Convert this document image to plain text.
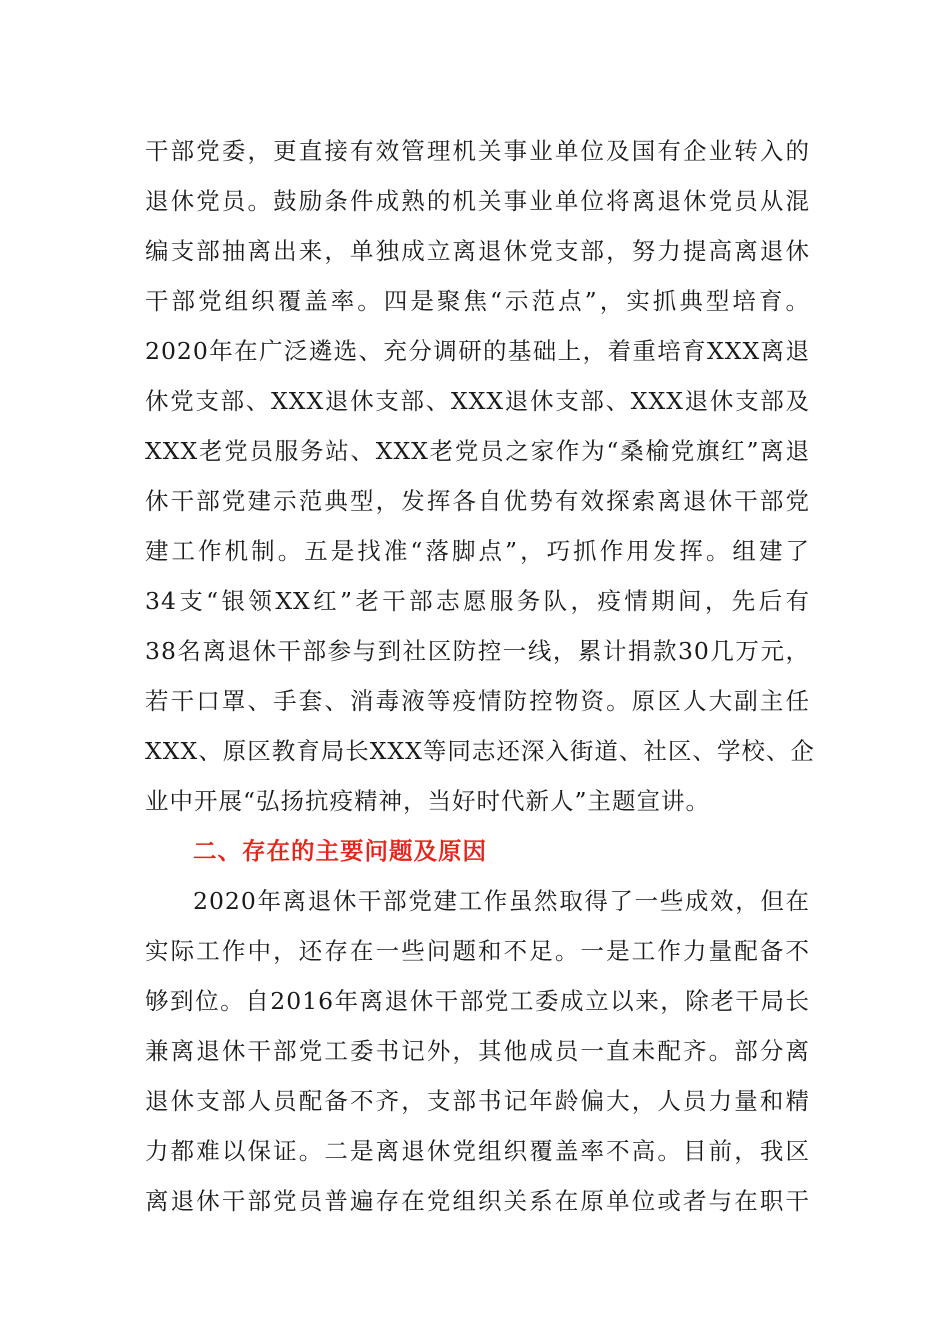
干部党委，更直接有效管理机关事业单位及国有企业转入的
退休党员。鼓励条件成熟的机关事业单位将离退休党员从混
编支部抽离出来，单独成立离退休党支部，努力提高离退休
干部党组织覆盖率。四是聚焦“示范点”，实抓典型培育。
2020年在广泛遴选、充分调研的基础上，着重培育XXX离退
休党支部、XXX退休支部、XXX退休支部、XXX退休支部及
XXX老党员服务站、XXX老党员之家作为“桑榆党旗红”离退
休干部党建示范典型，发挥各自优势有效探索离退休干部党
建工作机制。五是找准“落脚点”，巧抓作用发挥。组建了
34支“银领XX红”老干部志愿服务队，疫情期间，先后有
38名离退休干部参与到社区防控一线，累计捐款30几万元，
若干口罩、手套、消毒液等疫情防控物资。原区人大副主任
XXX、原区教育局长XXX等同志还深入街道、社区、学校、企
业中开展“弘扬抗疫精神，当好时代新人”主题宣讲。
二、存在的主要问题及原因
2020年离退休干部党建工作虽然取得了一些成效，但在
实际工作中，还存在一些问题和不足。一是工作力量配备不
够到位。自2016年离退休干部党工委成立以来，除老干局长
兼离退休干部党工委书记外，其他成员一直未配齐。部分离
退休支部人员配备不齐，支部书记年龄偏大，人员力量和精
力都难以保证。二是离退休党组织覆盖率不高。目前，我区
离退休干部党员普遍存在党组织关系在原单位或者与在职干
